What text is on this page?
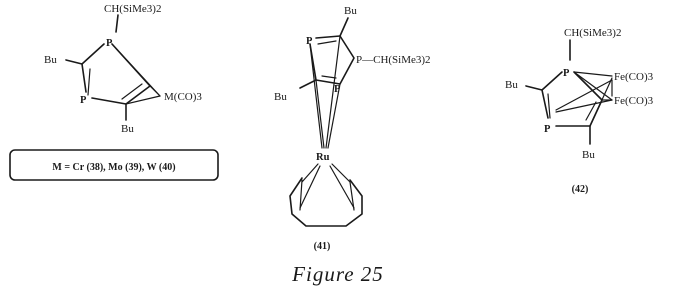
CH(SiMe3)2
P
Bu
P	M(CO)3
Bu
M = Cr (38), Mo (39), W (40)
Bu
P—CH(SiMe3)2
P
P
Bu
Ru
(41)
CH(SiMe3)2
P
Bu
P
Fe(CO)3
Fe(CO)3
Bu
(42)
Figure 25
